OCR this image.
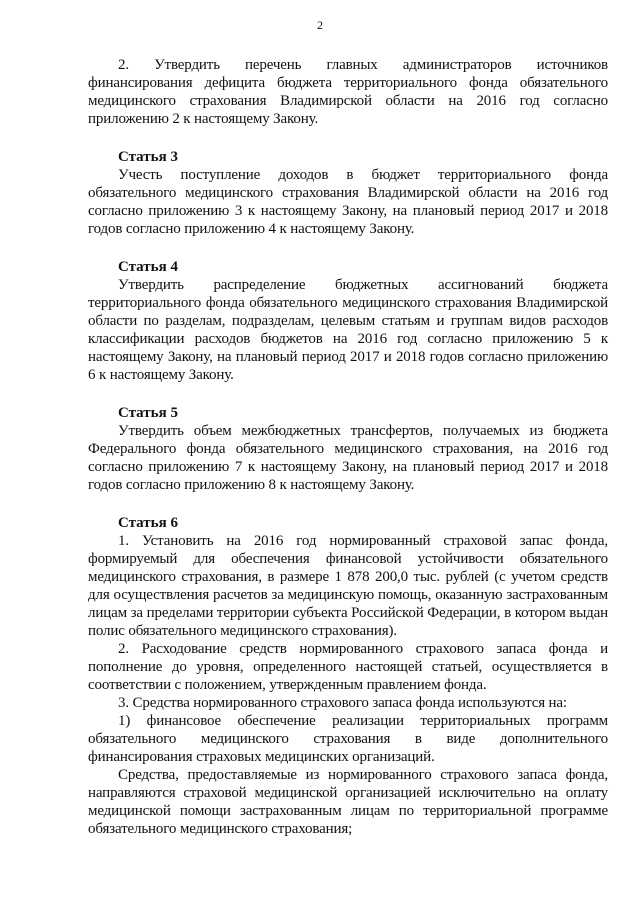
2

2. Утвердить перечень главных администраторов источников финансирования дефицита бюджета территориального фонда обязательного медицинского страхования Владимирской области на 2016 год согласно приложению 2 к настоящему Закону.

Статья 3

Учесть поступление доходов в бюджет территориального фонда обязательного медицинского страхования Владимирской области на 2016 год согласно приложению 3 к настоящему Закону, на плановый период 2017 и 2018 годов согласно приложению 4 к настоящему Закону.

Статья 4

Утвердить распределение бюджетных ассигнований бюджета территориального фонда обязательного медицинского страхования Владимирской области по разделам, подразделам, целевым статьям и группам видов расходов классификации расходов бюджетов на 2016 год согласно приложению 5 к настоящему Закону, на плановый период 2017 и 2018 годов согласно приложению 6 к настоящему Закону.

Статья 5

Утвердить объем межбюджетных трансфертов, получаемых из бюджета Федерального фонда обязательного медицинского страхования, на 2016 год согласно приложению 7 к настоящему Закону, на плановый период 2017 и 2018 годов согласно приложению 8 к настоящему Закону.

Статья 6

1. Установить на 2016 год нормированный страховой запас фонда, формируемый для обеспечения финансовой устойчивости обязательного медицинского страхования, в размере 1 878 200,0 тыс. рублей (с учетом средств для осуществления расчетов за медицинскую помощь, оказанную застрахованным лицам за пределами территории субъекта Российской Федерации, в котором выдан полис обязательного медицинского страхования).

2. Расходование средств нормированного страхового запаса фонда и пополнение до уровня, определенного настоящей статьей, осуществляется в соответствии с положением, утвержденным правлением фонда.

3. Средства нормированного страхового запаса фонда используются на:

1) финансовое обеспечение реализации территориальных программ обязательного медицинского страхования в виде дополнительного финансирования страховых медицинских организаций.

Средства, предоставляемые из нормированного страхового запаса фонда, направляются страховой медицинской организацией исключительно на оплату медицинской помощи застрахованным лицам по территориальной программе обязательного медицинского страхования;
